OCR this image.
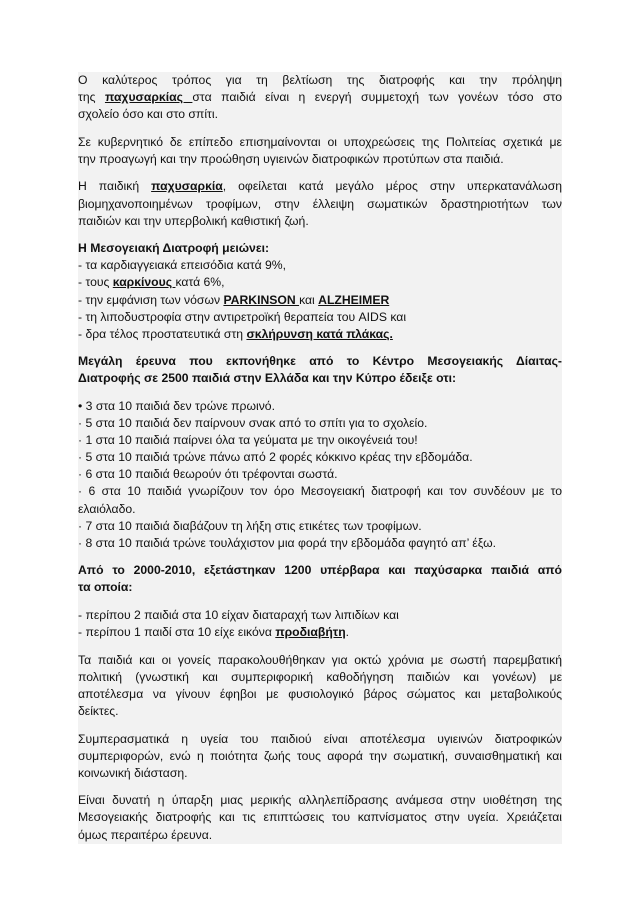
Ο καλύτερος τρόπος για τη βελτίωση της διατροφής και την πρόληψη
της παχυσαρκίας στα παιδιά είναι η ενεργή συμμετοχή των γονέων τόσο στο
σχολείο όσο και στο σπίτι.
Σε κυβερνητικό δε επίπεδο επισημαίνονται οι υποχρεώσεις της Πολιτείας σχετικά με
την προαγωγή και την προώθηση υγιεινών διατροφικών προτύπων στα παιδιά.
Η παιδική παχυσαρκία, οφείλεται κατά μεγάλο μέρος στην υπερκατανάλωση
βιομηχανοποιημένων τροφίμων, στην έλλειψη σωματικών δραστηριοτήτων των
παιδιών και την υπερβολική καθιστική ζωή.
Η Μεσογειακή Διατροφή μειώνει:
- τα καρδιαγγειακά επεισόδια κατά 9%,
- τους καρκίνους κατά 6%,
- την εμφάνιση των νόσων PARKINSON και ALZHEIMER
- τη λιποδυστροφία στην αντιρετροϊκή θεραπεία του AIDS και
- δρα τέλος προστατευτικά στη σκλήρυνση κατά πλάκας.
Μεγάλη έρευνα που εκπονήθηκε από το Κέντρο Μεσογειακής Δίαιτας-
Διατροφής σε 2500 παιδιά στην Ελλάδα και την Κύπρο έδειξε οτι:
• 3 στα 10 παιδιά δεν τρώνε πρωινό.
· 5 στα 10 παιδιά δεν παίρνουν σνακ από το σπίτι για το σχολείο.
· 1 στα 10 παιδιά παίρνει όλα τα γεύματα με την οικογένειά του!
· 5 στα 10 παιδιά τρώνε πάνω από 2 φορές κόκκινο κρέας την εβδομάδα.
· 6 στα 10 παιδιά θεωρούν ότι τρέφονται σωστά.
· 6 στα 10 παιδιά γνωρίζουν τον όρο Μεσογειακή διατροφή και τον συνδέουν με το
ελαιόλαδο.
· 7 στα 10 παιδιά διαβάζουν τη λήξη στις ετικέτες των τροφίμων.
· 8 στα 10 παιδιά τρώνε τουλάχιστον μια φορά την εβδομάδα φαγητό απ’ έξω.
Από το 2000-2010, εξετάστηκαν 1200 υπέρβαρα και παχύσαρκα παιδιά από
τα οποία:
- περίπου 2 παιδιά στα 10 είχαν διαταραχή των λιπιδίων και
- περίπου 1 παιδί στα 10 είχε εικόνα προδιαβήτη.
Τα παιδιά και οι γονείς παρακολουθήθηκαν για οκτώ χρόνια με σωστή παρεμβατική
πολιτική (γνωστική και συμπεριφορική καθοδήγηση παιδιών και γονέων) με
αποτέλεσμα να γίνουν έφηβοι με φυσιολογικό βάρος σώματος και μεταβολικούς
δείκτες.
Συμπερασματικά η υγεία του παιδιού είναι αποτέλεσμα υγιεινών διατροφικών
συμπεριφορών, ενώ η ποιότητα ζωής τους αφορά την σωματική, συναισθηματική και
κοινωνική διάσταση.
Είναι δυνατή η ύπαρξη μιας μερικής αλληλεπίδρασης ανάμεσα στην υιοθέτηση της
Μεσογειακής διατροφής και τις επιπτώσεις του καπνίσματος στην υγεία. Χρειάζεται
όμως περαιτέρω έρευνα.
